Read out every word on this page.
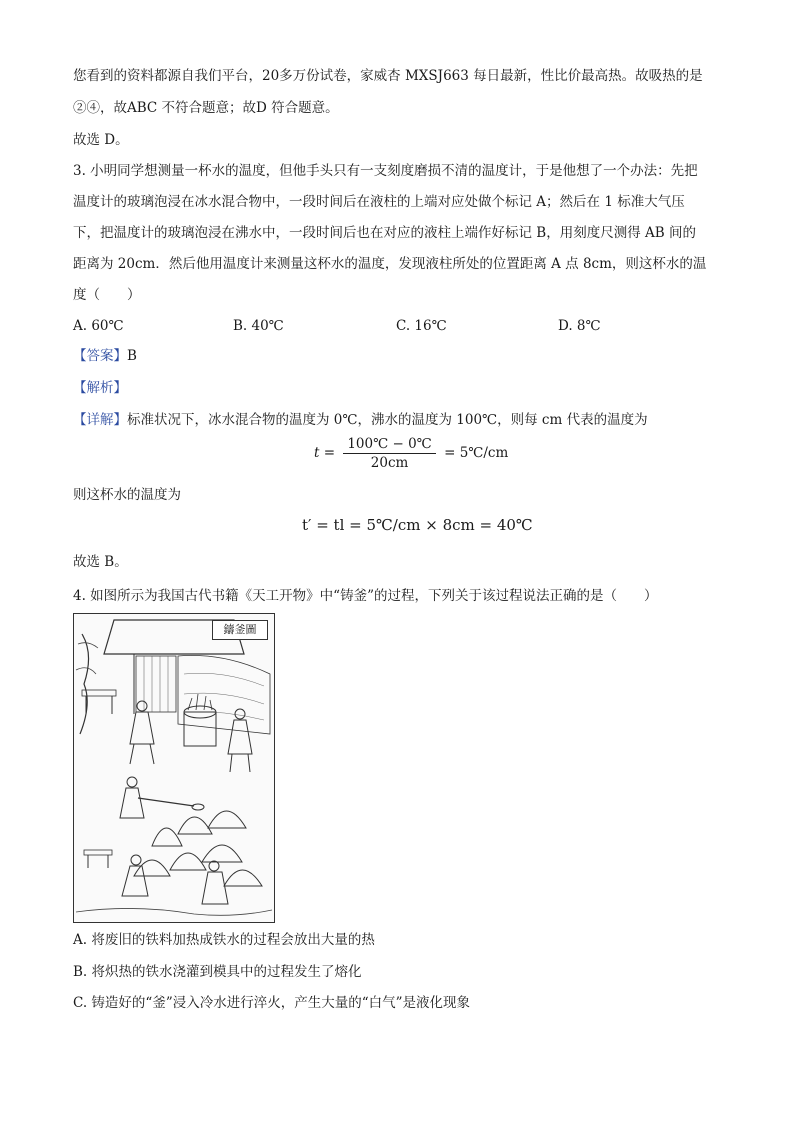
您看到的资料都源自我们平台，20多万份试卷，家威杏 MXSJ663 每日最新，性比价最高热。故吸热的是
②④，故ABC 不符合题意；故D 符合题意。
故选 D。
3. 小明同学想测量一杯水的温度，但他手头只有一支刻度磨损不清的温度计，于是他想了一个办法：先把
温度计的玻璃泡浸在冰水混合物中，一段时间后在液柱的上端对应处做个标记 A；然后在 1 标准大气压
下，把温度计的玻璃泡浸在沸水中，一段时间后也在对应的液柱上端作好标记 B，用刻度尺测得 AB 间的
距离为 20cm．然后他用温度计来测量这杯水的温度，发现液柱所处的位置距离 A 点 8cm，则这杯水的温
度（　　）
A. 60℃	B. 40℃	C. 16℃	D. 8℃
【答案】B
【解析】
【详解】标准状况下，冰水混合物的温度为 0℃，沸水的温度为 100℃，则每 cm 代表的温度为
$t = \frac{100℃ - 0℃}{20cm}$ = 5℃/cm
则这杯水的温度为
t′ = tl = 5℃/cm × 8cm = 40℃
故选 B。
4. 如图所示为我国古代书籍《天工开物》中“铸釜”的过程，下列关于该过程说法正确的是（　　）
鑄釜圖
A. 将废旧的铁料加热成铁水的过程会放出大量的热
B. 将炽热的铁水浇灌到模具中的过程发生了熔化
C. 铸造好的“釜”浸入冷水进行淬火，产生大量的“白气”是液化现象
